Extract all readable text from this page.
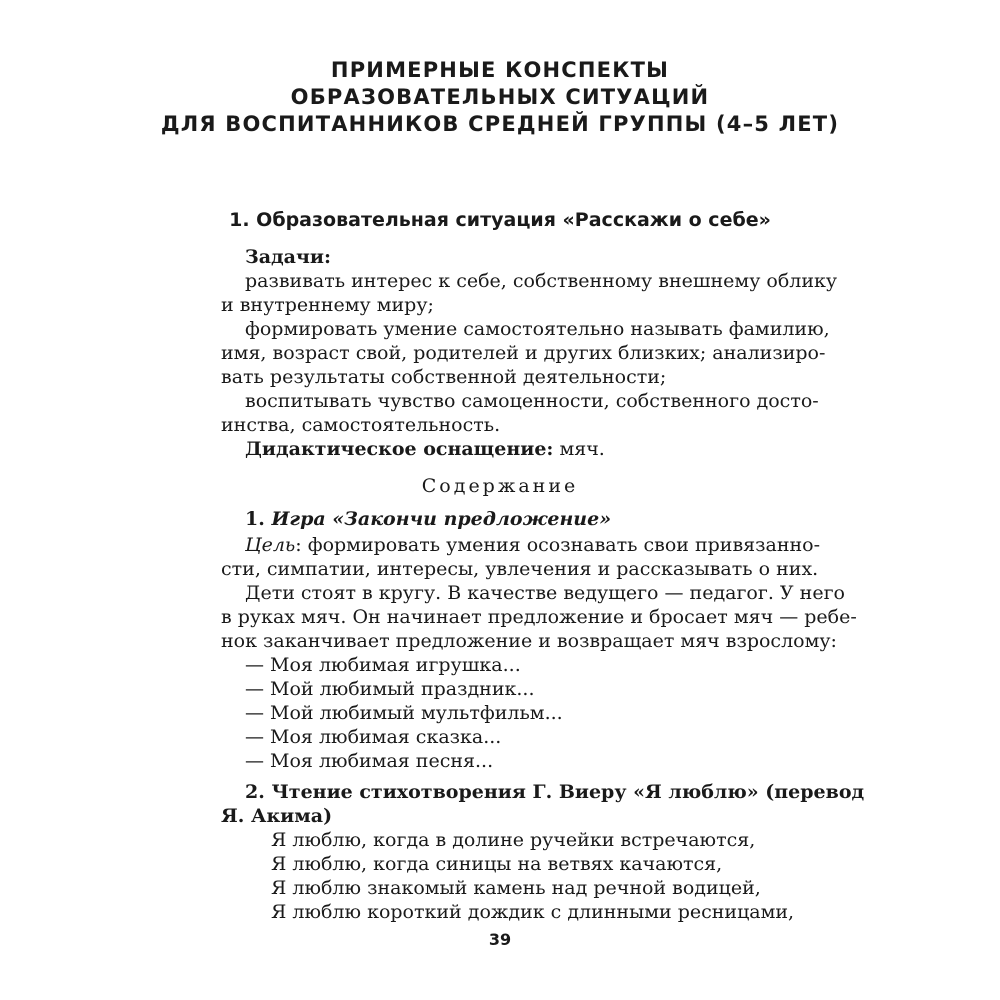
ПРИМЕРНЫЕ КОНСПЕКТЫ
ОБРАЗОВАТЕЛЬНЫХ СИТУАЦИЙ
ДЛЯ ВОСПИТАННИКОВ СРЕДНЕЙ ГРУППЫ (4–5 ЛЕТ)
1. Образовательная ситуация «Расскажи о себе»
Задачи:
развивать интерес к себе, собственному внешнему облику
и внутреннему миру;
формировать умение самостоятельно называть фамилию,
имя, возраст свой, родителей и других близких; анализиро-
вать результаты собственной деятельности;
воспитывать чувство самоценности, собственного досто-
инства, самостоятельность.
Дидактическое оснащение: мяч.
Содержание
1. Игра «Закончи предложение»
Цель: формировать умения осознавать свои привязанно-
сти, симпатии, интересы, увлечения и рассказывать о них.
Дети стоят в кругу. В качестве ведущего — педагог. У него
в руках мяч. Он начинает предложение и бросает мяч — ребе-
нок заканчивает предложение и возвращает мяч взрослому:
— Моя любимая игрушка...
— Мой любимый праздник...
— Мой любимый мультфильм...
— Моя любимая сказка...
— Моя любимая песня...
2. Чтение стихотворения Г. Виеру «Я люблю» (перевод
Я. Акима)
Я люблю, когда в долине ручейки встречаются,
Я люблю, когда синицы на ветвях качаются,
Я люблю знакомый камень над речной водицей,
Я люблю короткий дождик с длинными ресницами,
39
